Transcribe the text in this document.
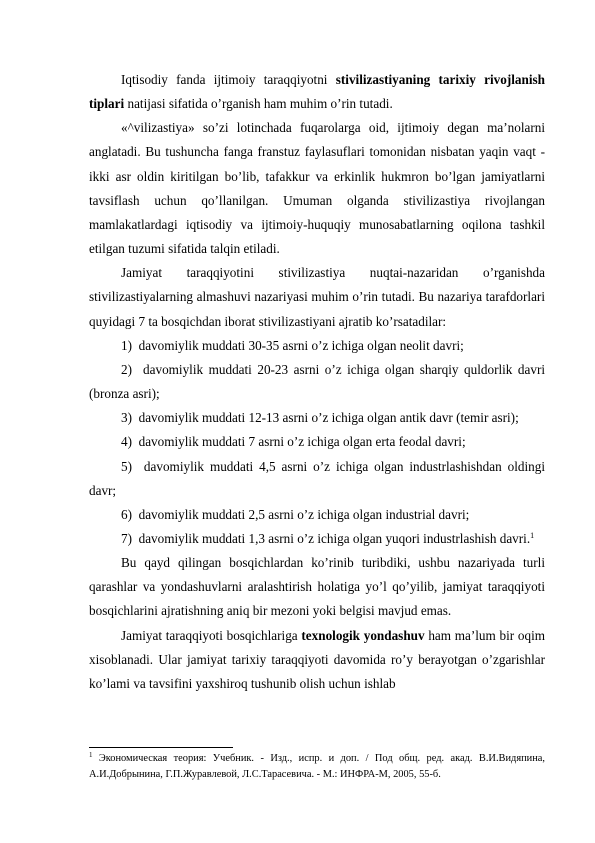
Iqtisodiy fanda ijtimoiy taraqqiyotni stivilizastiyaning tarixiy rivojlanish tiplari natijasi sifatida o’rganish ham muhim o’rin tutadi.

«^vilizastiya» so’zi lotinchada fuqarolarga oid, ijtimoiy degan ma’nolarni anglatadi. Bu tushuncha fanga franstuz faylasuflari tomonidan nisbatan yaqin vaqt - ikki asr oldin kiritilgan bo’lib, tafakkur va erkinlik hukmron bo’lgan jamiyatlarni tavsiflash uchun qo’llanilgan. Umuman olganda stivilizastiya rivojlangan mamlakatlardagi iqtisodiy va ijtimoiy-huquqiy munosabatlarning oqilona tashkil etilgan tuzumi sifatida talqin etiladi.

Jamiyat taraqqiyotini stivilizastiya nuqtai-nazaridan o’rganishda stivilizastiyalarning almashuvi nazariyasi muhim o’rin tutadi. Bu nazariya tarafdorlari quyidagi 7 ta bosqichdan iborat stivilizastiyani ajratib ko’rsatadilar:

1) davomiylik muddati 30-35 asrni o’z ichiga olgan neolit davri;

2) davomiylik muddati 20-23 asrni o’z ichiga olgan sharqiy quldorlik davri (bronza asri);

3) davomiylik muddati 12-13 asrni o’z ichiga olgan antik davr (temir asri);

4) davomiylik muddati 7 asrni o’z ichiga olgan erta feodal davri;

5) davomiylik muddati 4,5 asrni o’z ichiga olgan industrlashishdan oldingi davr;

6) davomiylik muddati 2,5 asrni o’z ichiga olgan industrial davri;

7) davomiylik muddati 1,3 asrni o’z ichiga olgan yuqori industrlashish davri.$^1$

Bu qayd qilingan bosqichlardan ko’rinib turibdiki, ushbu nazariyada turli qarashlar va yondashuvlarni aralashtirish holatiga yo’l qo’yilib, jamiyat taraqqiyoti bosqichlarini ajratishning aniq bir mezoni yoki belgisi mavjud emas.

Jamiyat taraqqiyoti bosqichlariga texnologik yondashuv ham ma’lum bir oqim xisoblanadi. Ular jamiyat tarixiy taraqqiyoti davomida ro’y berayotgan o’zgarishlar ko’lami va tavsifini yaxshiroq tushunib olish uchun ishlab

$^1$ Экономическая теория: Учебник. - Изд., испр. и доп. / Под общ. ред. акад. В.И.Видяпина, А.И.Добрынина, Г.П.Журавлевой, Л.С.Тарасевича. - М.: ИНФРА-М, 2005, 55-б.
